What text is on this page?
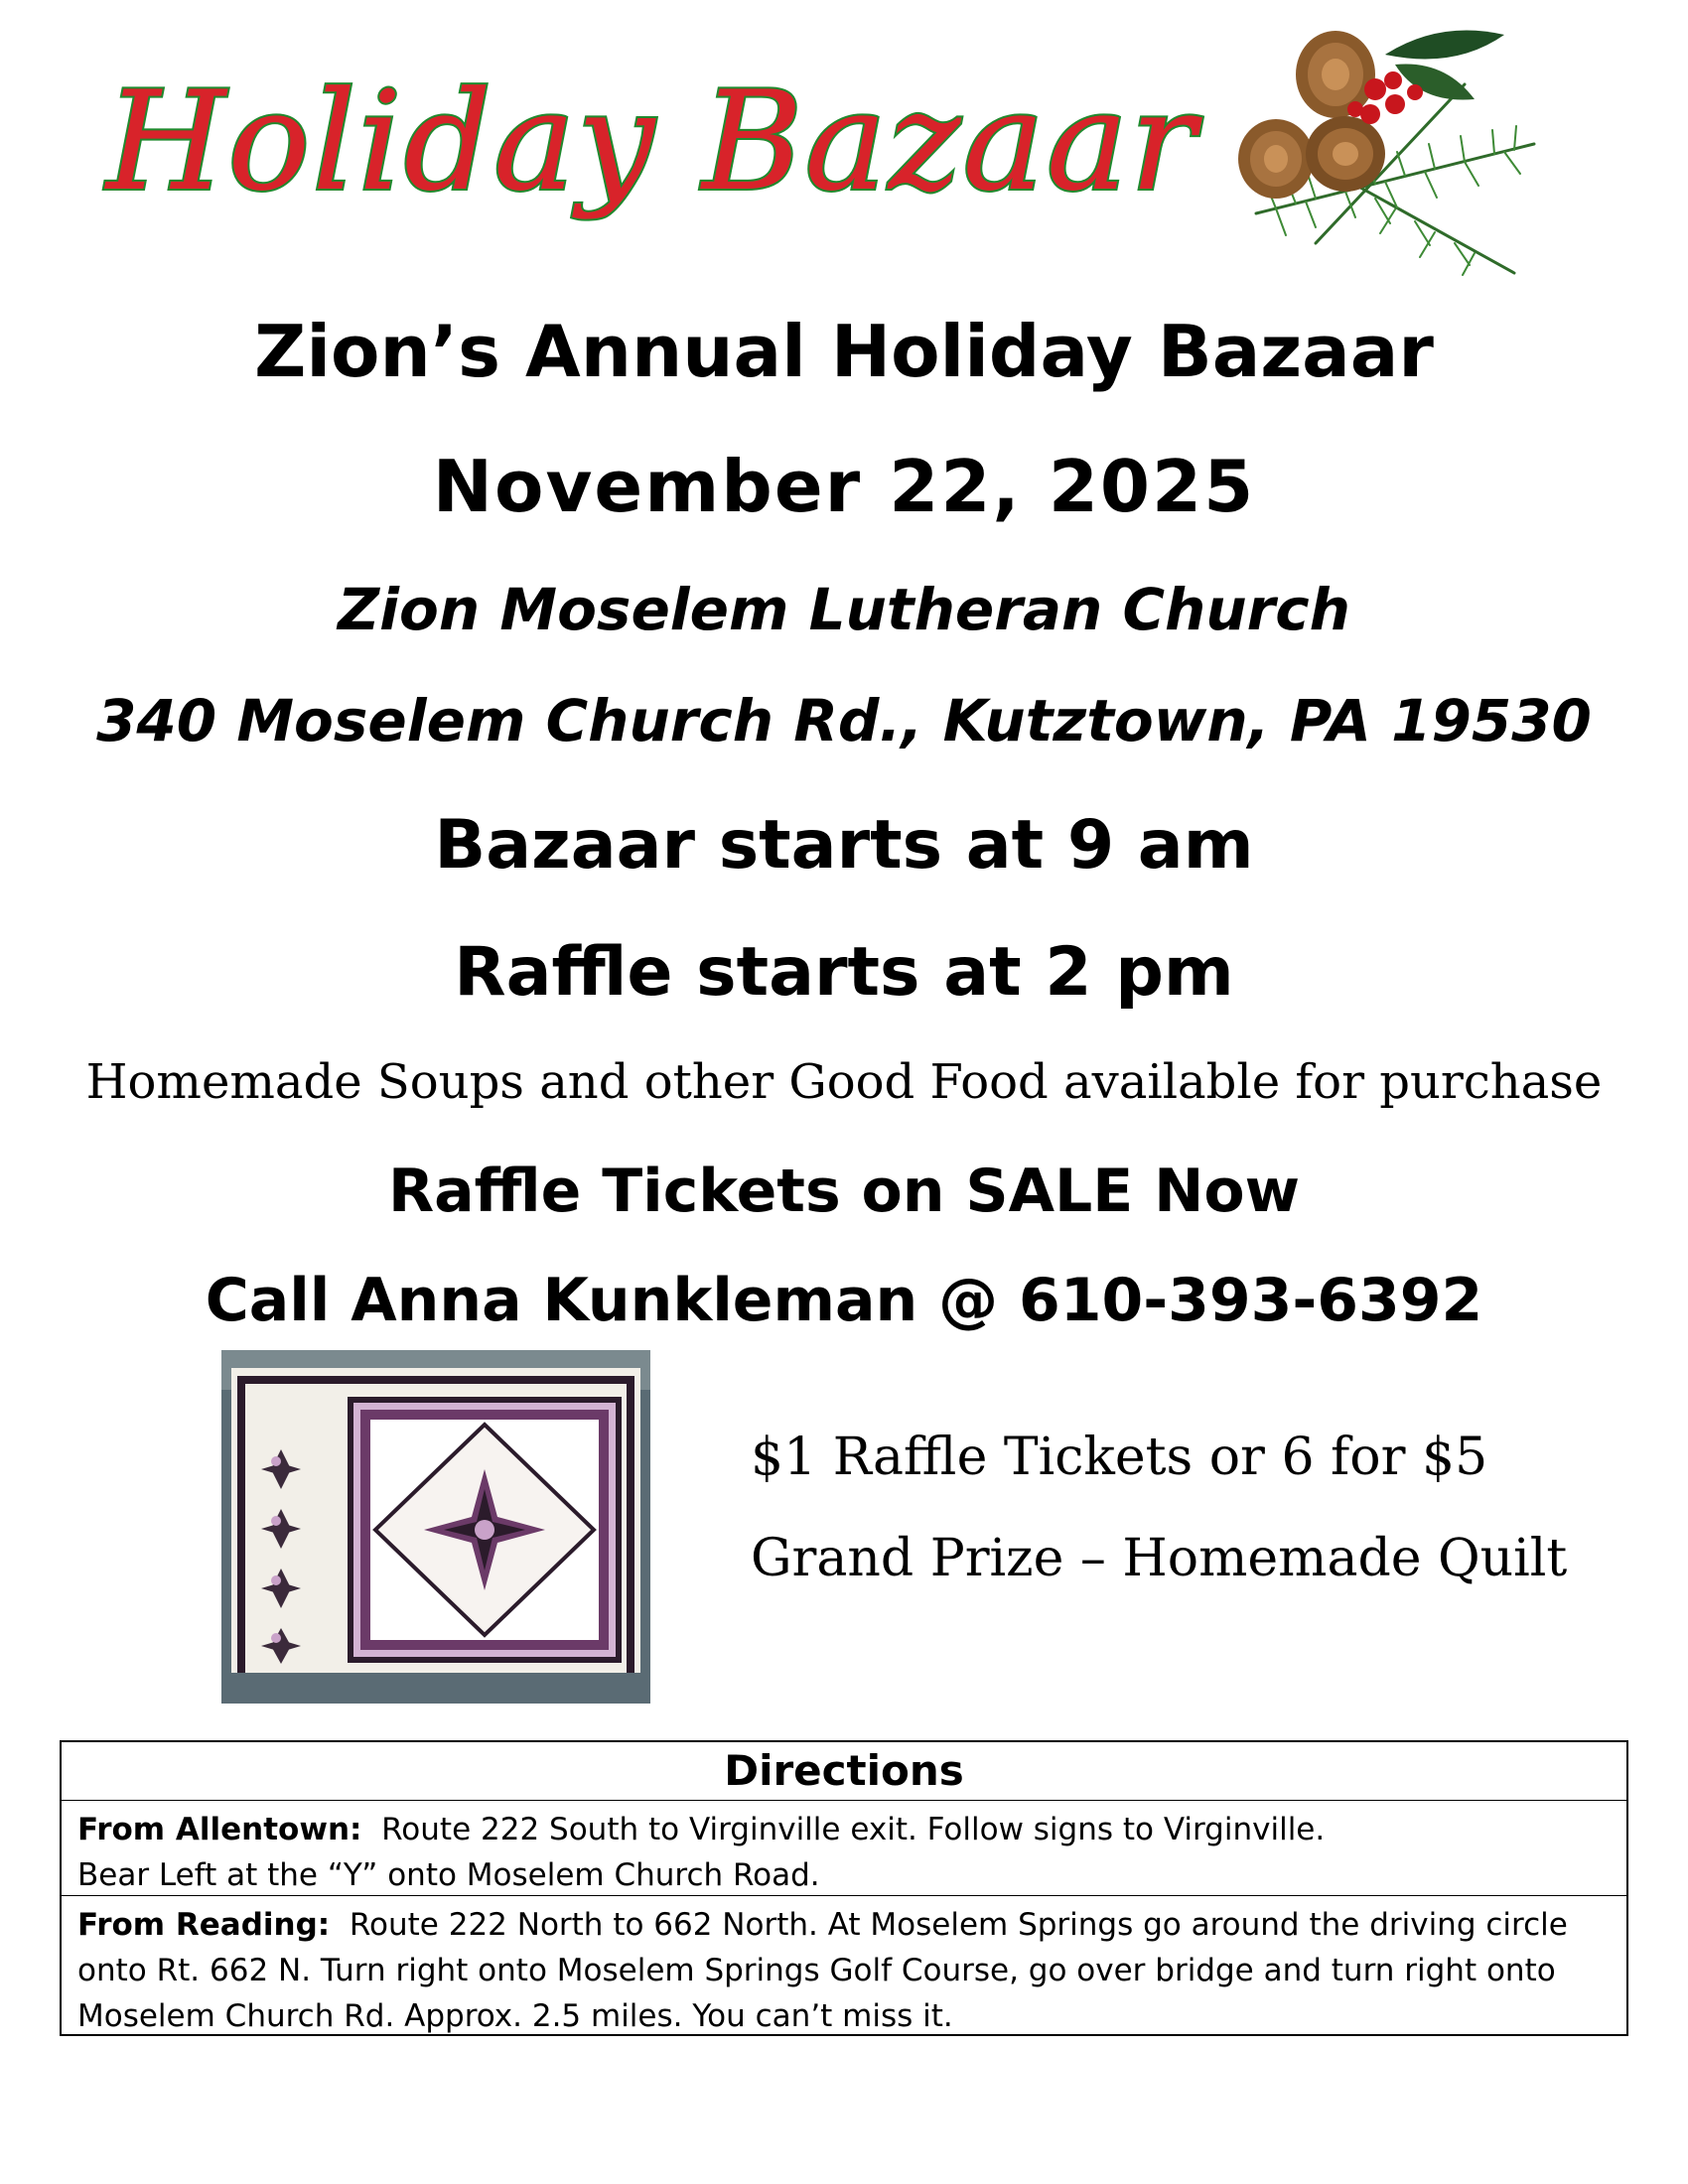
Holiday Bazaar
Zion’s Annual Holiday Bazaar
November 22, 2025
Zion Moselem Lutheran Church
340 Moselem Church Rd., Kutztown, PA 19530
Bazaar starts at 9 am
Raffle starts at 2 pm
Homemade Soups and other Good Food available for purchase
Raffle Tickets on SALE Now
Call Anna Kunkleman @ 610-393-6392
$1 Raffle Tickets or 6 for $5
Grand Prize – Homemade Quilt
Directions
From Allentown: Route 222 South to Virginville exit. Follow signs to Virginville.
Bear Left at the “Y” onto Moselem Church Road.
From Reading: Route 222 North to 662 North. At Moselem Springs go around the driving circle onto Rt. 662 N. Turn right onto Moselem Springs Golf Course, go over bridge and turn right onto Moselem Church Rd. Approx. 2.5 miles. You can’t miss it.
